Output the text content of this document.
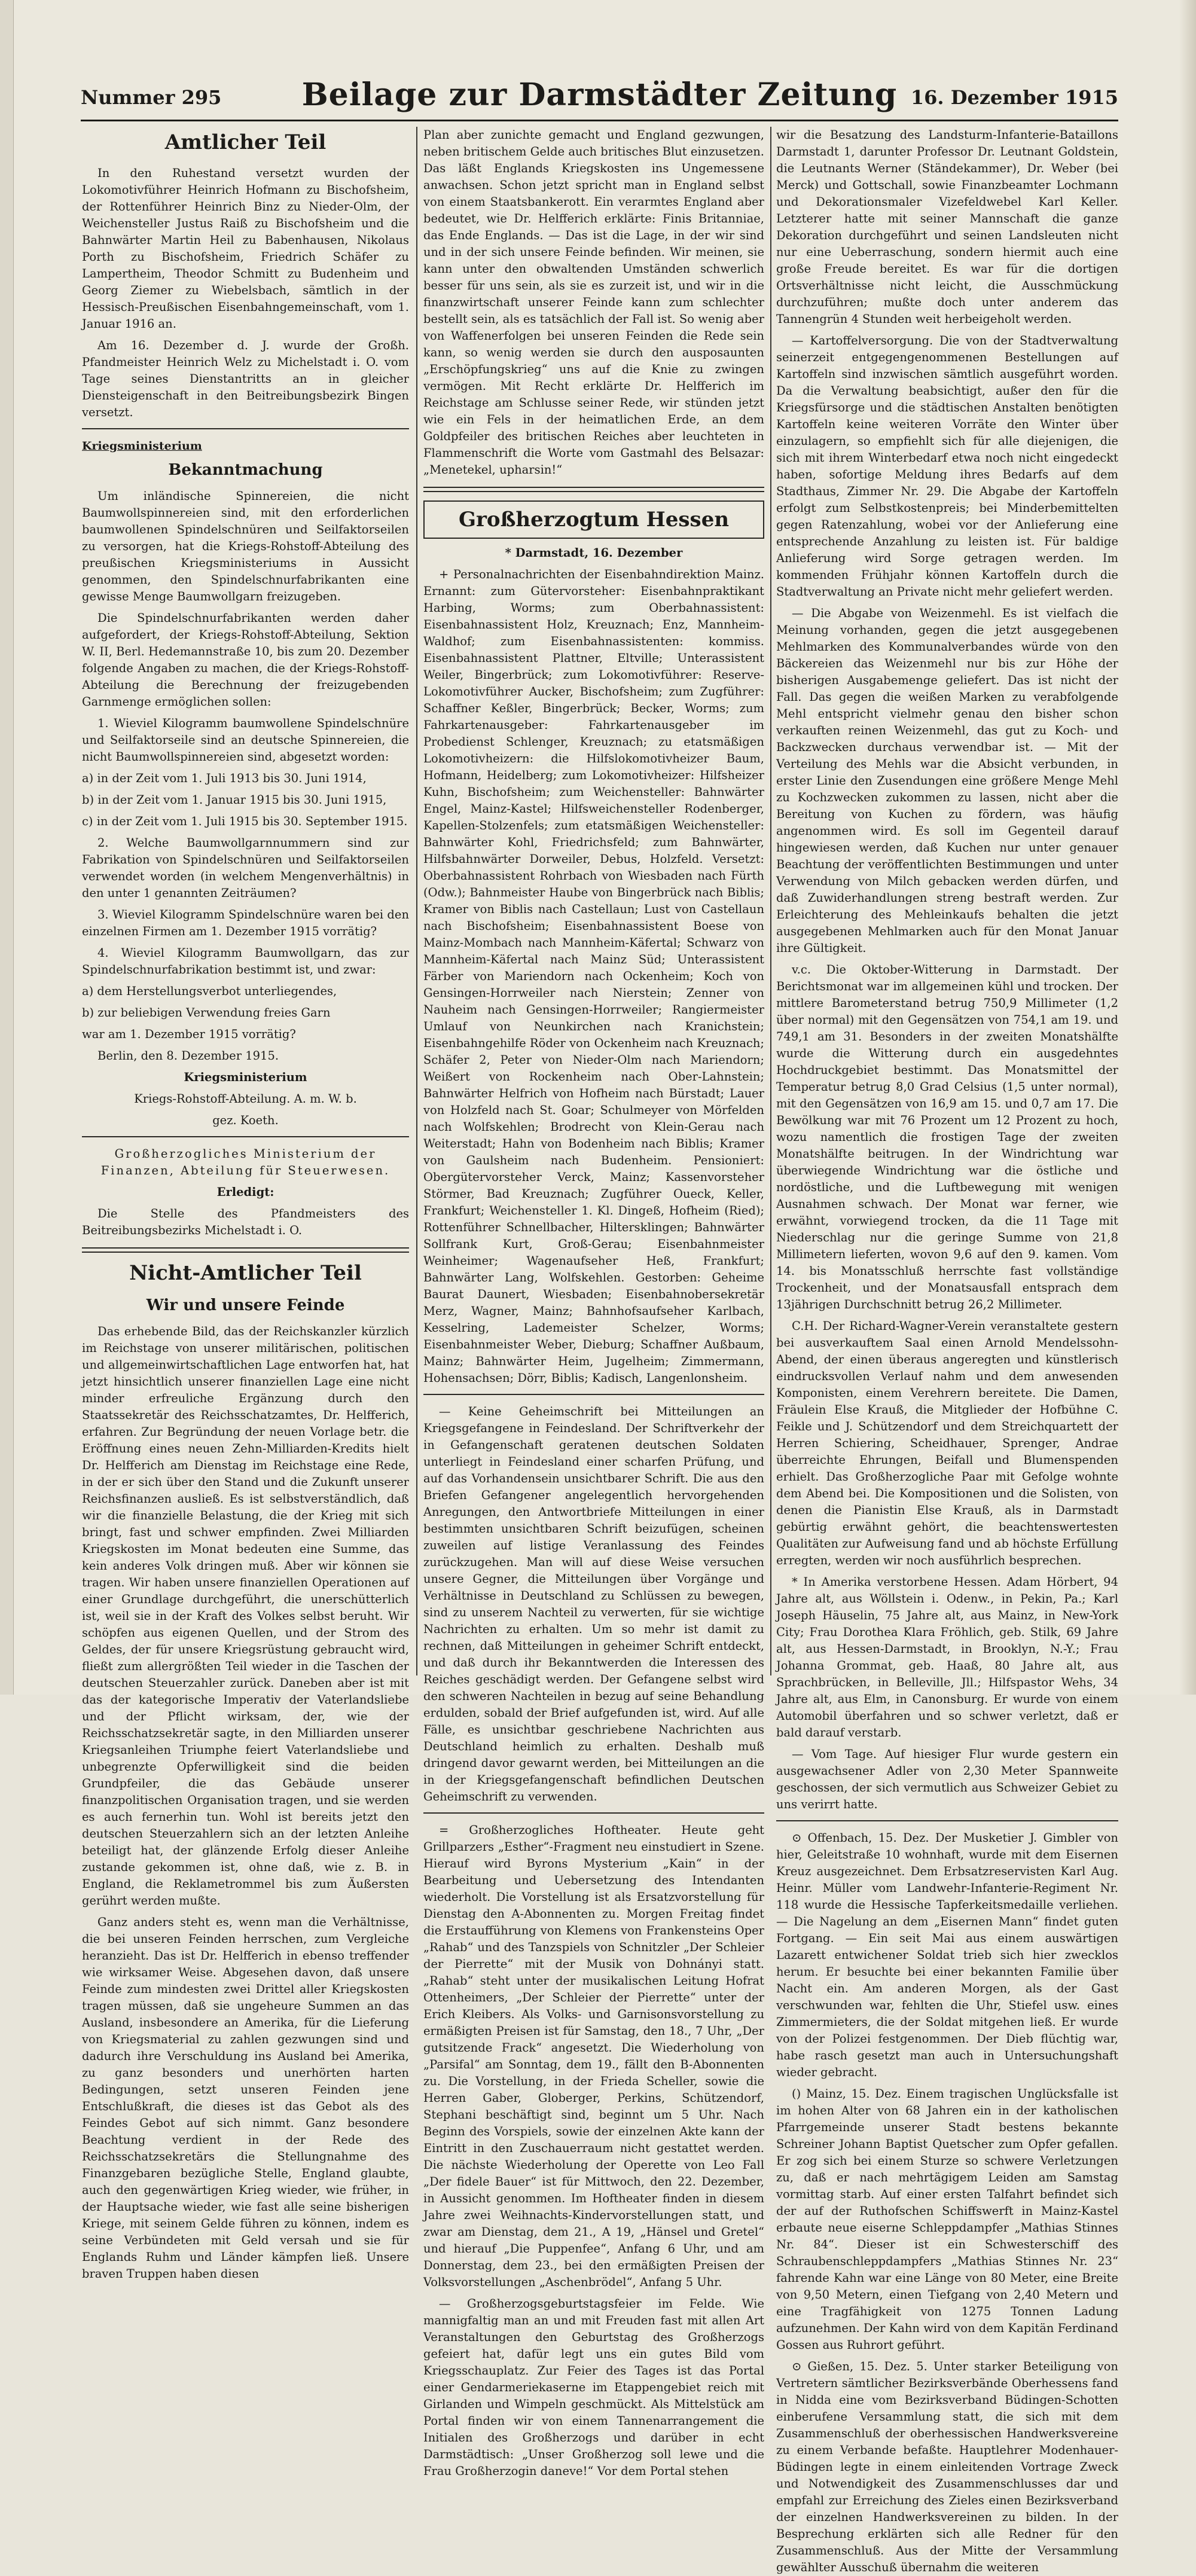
Nummer 295	Beilage zur Darmstädter Zeitung 16. Dezember 1915
Amtlicher Teil

In den Ruhestand versetzt wurden der Lokomotivführer Heinrich Hofmann zu Bischofsheim, der Rottenführer Heinrich Binz zu Nieder-Olm, der Weichensteller Justus Raiß zu Bischofsheim und die Bahnwärter Martin Heil zu Babenhausen, Nikolaus Porth zu Bischofsheim, Friedrich Schäfer zu Lampertheim, Theodor Schmitt zu Budenheim und Georg Ziemer zu Wiebelsbach, sämtlich in der Hessisch-Preußischen Eisenbahngemeinschaft, vom 1. Januar 1916 an.

Am 16. Dezember d. J. wurde der Großh. Pfandmeister Heinrich Welz zu Michelstadt i. O. vom Tage seines Dienstantritts an in gleicher Diensteigenschaft in den Beitreibungsbezirk Bingen versetzt.

Kriegsministerium
Bekanntmachung

Um inländische Spinnereien, die nicht Baumwollspinnereien sind, mit den erforderlichen baumwollenen Spindelschnüren und Seilfaktorseilen zu versorgen, hat die Kriegs-Rohstoff-Abteilung des preußischen Kriegsministeriums in Aussicht genommen, den Spindelschnurfabrikanten eine gewisse Menge Baumwollgarn freizugeben.

Die Spindelschnurfabrikanten werden daher aufgefordert, der Kriegs-Rohstoff-Abteilung, Sektion W. II, Berl. Hedemannstraße 10, bis zum 20. Dezember folgende Angaben zu machen, die der Kriegs-Rohstoff-Abteilung die Berechnung der freizugebenden Garnmenge ermöglichen sollen:

1. Wieviel Kilogramm baumwollene Spindelschnüre und Seilfaktorseile sind an deutsche Spinnereien, die nicht Baumwollspinnereien sind, abgesetzt worden:

a) in der Zeit vom 1. Juli 1913 bis 30. Juni 1914,

b) in der Zeit vom 1. Januar 1915 bis 30. Juni 1915,

c) in der Zeit vom 1. Juli 1915 bis 30. September 1915.

2. Welche Baumwollgarnnummern sind zur Fabrikation von Spindelschnüren und Seilfaktorseilen verwendet worden (in welchem Mengenverhältnis) in den unter 1 genannten Zeiträumen?

3. Wieviel Kilogramm Spindelschnüre waren bei den einzelnen Firmen am 1. Dezember 1915 vorrätig?

4. Wieviel Kilogramm Baumwollgarn, das zur Spindelschnurfabrikation bestimmt ist, und zwar:

a) dem Herstellungsverbot unterliegendes,

b) zur beliebigen Verwendung freies Garn

war am 1. Dezember 1915 vorrätig?

Berlin, den 8. Dezember 1915.

Kriegsministerium

Kriegs-Rohstoff-Abteilung. A. m. W. b.

gez. Koeth.

Großherzogliches Ministerium der Finanzen, Abteilung für Steuerwesen.

Erledigt:

Die Stelle des Pfandmeisters des Beitreibungsbezirks Michelstadt i. O.

Nicht-Amtlicher Teil
Wir und unsere Feinde

Das erhebende Bild, das der Reichskanzler kürzlich im Reichstage von unserer militärischen, politischen und allgemeinwirtschaftlichen Lage entworfen hat, hat jetzt hinsichtlich unserer finanziellen Lage eine nicht minder erfreuliche Ergänzung durch den Staatssekretär des Reichsschatzamtes, Dr. Helfferich, erfahren. Zur Begründung der neuen Vorlage betr. die Eröffnung eines neuen Zehn-Milliarden-Kredits hielt Dr. Helfferich am Dienstag im Reichstage eine Rede, in der er sich über den Stand und die Zukunft unserer Reichsfinanzen ausließ. Es ist selbstverständlich, daß wir die finanzielle Belastung, die der Krieg mit sich bringt, fast und schwer empfinden. Zwei Milliarden Kriegskosten im Monat bedeuten eine Summe, das kein anderes Volk dringen muß. Aber wir können sie tragen. Wir haben unsere finanziellen Operationen auf einer Grundlage durchgeführt, die unerschütterlich ist, weil sie in der Kraft des Volkes selbst beruht. Wir schöpfen aus eigenen Quellen, und der Strom des Geldes, der für unsere Kriegsrüstung gebraucht wird, fließt zum allergrößten Teil wieder in die Taschen der deutschen Steuerzahler zurück. Daneben aber ist mit das der kategorische Imperativ der Vaterlandsliebe und der Pflicht wirksam, der, wie der Reichsschatzsekretär sagte, in den Milliarden unserer Kriegsanleihen Triumphe feiert Vaterlandsliebe und unbegrenzte Opferwilligkeit sind die beiden Grundpfeiler, die das Gebäude unserer finanzpolitischen Organisation tragen, und sie werden es auch fernerhin tun. Wohl ist bereits jetzt den deutschen Steuerzahlern sich an der letzten Anleihe beteiligt hat, der glänzende Erfolg dieser Anleihe zustande gekommen ist, ohne daß, wie z. B. in England, die Reklametrommel bis zum Äußersten gerührt werden mußte.

Ganz anders steht es, wenn man die Verhältnisse, die bei unseren Feinden herrschen, zum Vergleiche heranzieht. Das ist Dr. Helfferich in ebenso treffender wie wirksamer Weise. Abgesehen davon, daß unsere Feinde zum mindesten zwei Drittel aller Kriegskosten tragen müssen, daß sie ungeheure Summen an das Ausland, insbesondere an Amerika, für die Lieferung von Kriegsmaterial zu zahlen gezwungen sind und dadurch ihre Verschuldung ins Ausland bei Amerika, zu ganz besonders und unerhörten harten Bedingungen, setzt unseren Feinden jene Entschlußkraft, die dieses ist das Gebot als des Feindes Gebot auf sich nimmt. Ganz besondere Beachtung verdient in der Rede des Reichsschatzsekretärs die Stellungnahme des Finanzgebaren bezügliche Stelle, England glaubte, auch den gegenwärtigen Krieg wieder, wie früher, in der Hauptsache wieder, wie fast alle seine bisherigen Kriege, mit seinem Gelde führen zu können, indem es seine Verbündeten mit Geld versah und sie für Englands Ruhm und Länder kämpfen ließ. Unsere braven Truppen haben diesen

Plan aber zunichte gemacht und England gezwungen, neben britischem Gelde auch britisches Blut einzusetzen. Das läßt Englands Kriegskosten ins Ungemessene anwachsen. Schon jetzt spricht man in England selbst von einem Staatsbankerott. Ein verarmtes England aber bedeutet, wie Dr. Helfferich erklärte: Finis Britanniae, das Ende Englands. — Das ist die Lage, in der wir sind und in der sich unsere Feinde befinden. Wir meinen, sie kann unter den obwaltenden Umständen schwerlich besser für uns sein, als sie es zurzeit ist, und wir in die finanzwirtschaft unserer Feinde kann zum schlechter bestellt sein, als es tatsächlich der Fall ist. So wenig aber von Waffenerfolgen bei unseren Feinden die Rede sein kann, so wenig werden sie durch den ausposaunten „Erschöpfungskrieg“ uns auf die Knie zu zwingen vermögen. Mit Recht erklärte Dr. Helfferich im Reichstage am Schlusse seiner Rede, wir stünden jetzt wie ein Fels in der heimatlichen Erde, an dem Goldpfeiler des britischen Reiches aber leuchteten in Flammenschrift die Worte vom Gastmahl des Belsazar: „Menetekel, upharsin!“

Großherzogtum Hessen

* Darmstadt, 16. Dezember

+ Personalnachrichten der Eisenbahndirektion Mainz. Ernannt: zum Gütervorsteher: Eisenbahnpraktikant Harbing, Worms; zum Oberbahnassistent: Eisenbahnassistent Holz, Kreuznach; Enz, Mannheim-Waldhof; zum Eisenbahnassistenten: kommiss. Eisenbahnassistent Plattner, Eltville; Unterassistent Weiler, Bingerbrück; zum Lokomotivführer: Reserve-Lokomotivführer Aucker, Bischofsheim; zum Zugführer: Schaffner Keßler, Bingerbrück; Becker, Worms; zum Fahrkartenausgeber: Fahrkartenausgeber im Probedienst Schlenger, Kreuznach; zu etatsmäßigen Lokomotivheizern: die Hilfslokomotivheizer Baum, Hofmann, Heidelberg; zum Lokomotivheizer: Hilfsheizer Kuhn, Bischofsheim; zum Weichensteller: Bahnwärter Engel, Mainz-Kastel; Hilfsweichensteller Rodenberger, Kapellen-Stolzenfels; zum etatsmäßigen Weichensteller: Bahnwärter Kohl, Friedrichsfeld; zum Bahnwärter, Hilfsbahnwärter Dorweiler, Debus, Holzfeld. Versetzt: Oberbahnassistent Rohrbach von Wiesbaden nach Fürth (Odw.); Bahnmeister Haube von Bingerbrück nach Biblis; Kramer von Biblis nach Castellaun; Lust von Castellaun nach Bischofsheim; Eisenbahnassistent Boese von Mainz-Mombach nach Mannheim-Käfertal; Schwarz von Mannheim-Käfertal nach Mainz Süd; Unterassistent Färber von Mariendorn nach Ockenheim; Koch von Gensingen-Horrweiler nach Nierstein; Zenner von Nauheim nach Gensingen-Horrweiler; Rangiermeister Umlauf von Neunkirchen nach Kranichstein; Eisenbahngehilfe Röder von Ockenheim nach Kreuznach; Schäfer 2, Peter von Nieder-Olm nach Mariendorn; Weißert von Rockenheim nach Ober-Lahnstein; Bahnwärter Helfrich von Hofheim nach Bürstadt; Lauer von Holzfeld nach St. Goar; Schulmeyer von Mörfelden nach Wolfskehlen; Brodrecht von Klein-Gerau nach Weiterstadt; Hahn von Bodenheim nach Biblis; Kramer von Gaulsheim nach Budenheim. Pensioniert: Obergütervorsteher Verck, Mainz; Kassenvorsteher Störmer, Bad Kreuznach; Zugführer Oueck, Keller, Frankfurt; Weichensteller 1. Kl. Dingeß, Hofheim (Ried); Rottenführer Schnellbacher, Hiltersklingen; Bahnwärter Sollfrank Kurt, Groß-Gerau; Eisenbahnmeister Weinheimer; Wagenaufseher Heß, Frankfurt; Bahnwärter Lang, Wolfskehlen. Gestorben: Geheime Baurat Daunert, Wiesbaden; Eisenbahnobersekretär Merz, Wagner, Mainz; Bahnhofsaufseher Karlbach, Kesselring, Lademeister Schelzer, Worms; Eisenbahnmeister Weber, Dieburg; Schaffner Außbaum, Mainz; Bahnwärter Heim, Jugelheim; Zimmermann, Hohensachsen; Dörr, Biblis; Kadisch, Langenlonsheim.

— Keine Geheimschrift bei Mitteilungen an Kriegsgefangene in Feindesland. Der Schriftverkehr der in Gefangenschaft geratenen deutschen Soldaten unterliegt in Feindesland einer scharfen Prüfung, und auf das Vorhandensein unsichtbarer Schrift. Die aus den Briefen Gefangener angelegentlich hervorgehenden Anregungen, den Antwortbriefe Mitteilungen in einer bestimmten unsichtbaren Schrift beizufügen, scheinen zuweilen auf listige Veranlassung des Feindes zurückzugehen. Man will auf diese Weise versuchen unsere Gegner, die Mitteilungen über Vorgänge und Verhältnisse in Deutschland zu Schlüssen zu bewegen, sind zu unserem Nachteil zu verwerten, für sie wichtige Nachrichten zu erhalten. Um so mehr ist damit zu rechnen, daß Mitteilungen in geheimer Schrift entdeckt, und daß durch ihr Bekanntwerden die Interessen des Reiches geschädigt werden. Der Gefangene selbst wird den schweren Nachteilen in bezug auf seine Behandlung erdulden, sobald der Brief aufgefunden ist, wird. Auf alle Fälle, es unsichtbar geschriebene Nachrichten aus Deutschland heimlich zu erhalten. Deshalb muß dringend davor gewarnt werden, bei Mitteilungen an die in der Kriegsgefangenschaft befindlichen Deutschen Geheimschrift zu verwenden.

= Großherzogliches Hoftheater. Heute geht Grillparzers „Esther“-Fragment neu einstudiert in Szene. Hierauf wird Byrons Mysterium „Kain“ in der Bearbeitung und Uebersetzung des Intendanten wiederholt. Die Vorstellung ist als Ersatzvorstellung für Dienstag den A-Abonnenten zu. Morgen Freitag findet die Erstaufführung von Klemens von Frankensteins Oper „Rahab“ und des Tanzspiels von Schnitzler „Der Schleier der Pierrette“ mit der Musik von Dohnányi statt. „Rahab“ steht unter der musikalischen Leitung Hofrat Ottenheimers, „Der Schleier der Pierrette“ unter der Erich Kleibers. Als Volks- und Garnisonsvorstellung zu ermäßigten Preisen ist für Samstag, den 18., 7 Uhr, „Der gutsitzende Frack“ angesetzt. Die Wiederholung von „Parsifal“ am Sonntag, dem 19., fällt den B-Abonnenten zu. Die Vorstellung, in der Frieda Scheller, sowie die Herren Gaber, Globerger, Perkins, Schützendorf, Stephani beschäftigt sind, beginnt um 5 Uhr. Nach Beginn des Vorspiels, sowie der einzelnen Akte kann der Eintritt in den Zuschauerraum nicht gestattet werden. Die nächste Wiederholung der Operette von Leo Fall „Der fidele Bauer“ ist für Mittwoch, den 22. Dezember, in Aussicht genommen. Im Hoftheater finden in diesem Jahre zwei Weihnachts-Kindervorstellungen statt, und zwar am Dienstag, dem 21., A 19, „Hänsel und Gretel“ und hierauf „Die Puppenfee“, Anfang 6 Uhr, und am Donnerstag, dem 23., bei den ermäßigten Preisen der Volksvorstellungen „Aschenbrödel“, Anfang 5 Uhr.

— Großherzogsgeburtstagsfeier im Felde. Wie mannigfaltig man an und mit Freuden fast mit allen Art Veranstaltungen den Geburtstag des Großherzogs gefeiert hat, dafür legt uns ein gutes Bild vom Kriegsschauplatz. Zur Feier des Tages ist das Portal einer Gendarmeriekaserne im Etappengebiet reich mit Girlanden und Wimpeln geschmückt. Als Mittelstück am Portal finden wir von einem Tannenarrangement die Initialen des Großherzogs und darüber in echt Darmstädtisch: „Unser Großherzog soll lewe und die Frau Großherzogin daneve!“ Vor dem Portal stehen

wir die Besatzung des Landsturm-Infanterie-Bataillons Darmstadt 1, darunter Professor Dr. Leutnant Goldstein, die Leutnants Werner (Ständekammer), Dr. Weber (bei Merck) und Gottschall, sowie Finanzbeamter Lochmann und Dekorationsmaler Vizefeldwebel Karl Keller. Letzterer hatte mit seiner Mannschaft die ganze Dekoration durchgeführt und seinen Landsleuten nicht nur eine Ueberraschung, sondern hiermit auch eine große Freude bereitet. Es war für die dortigen Ortsverhältnisse nicht leicht, die Ausschmückung durchzuführen; mußte doch unter anderem das Tannengrün 4 Stunden weit herbeigeholt werden.

— Kartoffelversorgung. Die von der Stadtverwaltung seinerzeit entgegengenommenen Bestellungen auf Kartoffeln sind inzwischen sämtlich ausgeführt worden. Da die Verwaltung beabsichtigt, außer den für die Kriegsfürsorge und die städtischen Anstalten benötigten Kartoffeln keine weiteren Vorräte den Winter über einzulagern, so empfiehlt sich für alle diejenigen, die sich mit ihrem Winterbedarf etwa noch nicht eingedeckt haben, sofortige Meldung ihres Bedarfs auf dem Stadthaus, Zimmer Nr. 29. Die Abgabe der Kartoffeln erfolgt zum Selbstkostenpreis; bei Minderbemittelten gegen Ratenzahlung, wobei vor der Anlieferung eine entsprechende Anzahlung zu leisten ist. Für baldige Anlieferung wird Sorge getragen werden. Im kommenden Frühjahr können Kartoffeln durch die Stadtverwaltung an Private nicht mehr geliefert werden.

— Die Abgabe von Weizenmehl. Es ist vielfach die Meinung vorhanden, gegen die jetzt ausgegebenen Mehlmarken des Kommunalverbandes würde von den Bäckereien das Weizenmehl nur bis zur Höhe der bisherigen Ausgabemenge geliefert. Das ist nicht der Fall. Das gegen die weißen Marken zu verabfolgende Mehl entspricht vielmehr genau den bisher schon verkauften reinen Weizenmehl, das gut zu Koch- und Backzwecken durchaus verwendbar ist. — Mit der Verteilung des Mehls war die Absicht verbunden, in erster Linie den Zusendungen eine größere Menge Mehl zu Kochzwecken zukommen zu lassen, nicht aber die Bereitung von Kuchen zu fördern, was häufig angenommen wird. Es soll im Gegenteil darauf hingewiesen werden, daß Kuchen nur unter genauer Beachtung der veröffentlichten Bestimmungen und unter Verwendung von Milch gebacken werden dürfen, und daß Zuwiderhandlungen streng bestraft werden. Zur Erleichterung des Mehleinkaufs behalten die jetzt ausgegebenen Mehlmarken auch für den Monat Januar ihre Gültigkeit.

v.c. Die Oktober-Witterung in Darmstadt. Der Berichtsmonat war im allgemeinen kühl und trocken. Der mittlere Barometerstand betrug 750,9 Millimeter (1,2 über normal) mit den Gegensätzen von 754,1 am 19. und 749,1 am 31. Besonders in der zweiten Monatshälfte wurde die Witterung durch ein ausgedehntes Hochdruckgebiet bestimmt. Das Monatsmittel der Temperatur betrug 8,0 Grad Celsius (1,5 unter normal), mit den Gegensätzen von 16,9 am 15. und 0,7 am 17. Die Bewölkung war mit 76 Prozent um 12 Prozent zu hoch, wozu namentlich die frostigen Tage der zweiten Monatshälfte beitrugen. In der Windrichtung war überwiegende Windrichtung war die östliche und nordöstliche, und die Luftbewegung mit wenigen Ausnahmen schwach. Der Monat war ferner, wie erwähnt, vorwiegend trocken, da die 11 Tage mit Niederschlag nur die geringe Summe von 21,8 Millimetern lieferten, wovon 9,6 auf den 9. kamen. Vom 14. bis Monatsschluß herrschte fast vollständige Trockenheit, und der Monatsausfall entsprach dem 13jährigen Durchschnitt betrug 26,2 Millimeter.

C.H. Der Richard-Wagner-Verein veranstaltete gestern bei ausverkauftem Saal einen Arnold Mendelssohn-Abend, der einen überaus angeregten und künstlerisch eindrucksvollen Verlauf nahm und dem anwesenden Komponisten, einem Verehrern bereitete. Die Damen, Fräulein Else Krauß, die Mitglieder der Hofbühne C. Feikle und J. Schützendorf und dem Streichquartett der Herren Schiering, Scheidhauer, Sprenger, Andrae überreichte Ehrungen, Beifall und Blumenspenden erhielt. Das Großherzogliche Paar mit Gefolge wohnte dem Abend bei. Die Kompositionen und die Solisten, von denen die Pianistin Else Krauß, als in Darmstadt gebürtig erwähnt gehört, die beachtenswertesten Qualitäten zur Aufweisung fand und ab höchste Erfüllung erregten, werden wir noch ausführlich besprechen.

* In Amerika verstorbene Hessen. Adam Hörbert, 94 Jahre alt, aus Wöllstein i. Odenw., in Pekin, Pa.; Karl Joseph Häuselin, 75 Jahre alt, aus Mainz, in New-York City; Frau Dorothea Klara Fröhlich, geb. Stilk, 69 Jahre alt, aus Hessen-Darmstadt, in Brooklyn, N.-Y.; Frau Johanna Grommat, geb. Haaß, 80 Jahre alt, aus Sprachbrücken, in Belleville, Jll.; Hilfspastor Wehs, 34 Jahre alt, aus Elm, in Canonsburg. Er wurde von einem Automobil überfahren und so schwer verletzt, daß er bald darauf verstarb.

— Vom Tage. Auf hiesiger Flur wurde gestern ein ausgewachsener Adler von 2,30 Meter Spannweite geschossen, der sich vermutlich aus Schweizer Gebiet zu uns verirrt hatte.

⊙ Offenbach, 15. Dez. Der Musketier J. Gimbler von hier, Geleitstraße 10 wohnhaft, wurde mit dem Eisernen Kreuz ausgezeichnet. Dem Erbsatzreservisten Karl Aug. Heinr. Müller vom Landwehr-Infanterie-Regiment Nr. 118 wurde die Hessische Tapferkeitsmedaille verliehen. — Die Nagelung an dem „Eisernen Mann“ findet guten Fortgang. — Ein seit Mai aus einem auswärtigen Lazarett entwichener Soldat trieb sich hier zwecklos herum. Er besuchte bei einer bekannten Familie über Nacht ein. Am anderen Morgen, als der Gast verschwunden war, fehlten die Uhr, Stiefel usw. eines Zimmermieters, die der Soldat mitgehen ließ. Er wurde von der Polizei festgenommen. Der Dieb flüchtig war, habe rasch gesetzt man auch in Untersuchungshaft wieder gebracht.

() Mainz, 15. Dez. Einem tragischen Unglücksfalle ist im hohen Alter von 68 Jahren ein in der katholischen Pfarrgemeinde unserer Stadt bestens bekannte Schreiner Johann Baptist Quetscher zum Opfer gefallen. Er zog sich bei einem Sturze so schwere Verletzungen zu, daß er nach mehrtägigem Leiden am Samstag vormittag starb. Auf einer ersten Talfahrt befindet sich der auf der Ruthofschen Schiffswerft in Mainz-Kastel erbaute neue eiserne Schleppdampfer „Mathias Stinnes Nr. 84“. Dieser ist ein Schwesterschiff des Schraubenschleppdampfers „Mathias Stinnes Nr. 23“ fahrende Kahn war eine Länge von 80 Meter, eine Breite von 9,50 Metern, einen Tiefgang von 2,40 Metern und eine Tragfähigkeit von 1275 Tonnen Ladung aufzunehmen. Der Kahn wird von dem Kapitän Ferdinand Gossen aus Ruhrort geführt.

⊙ Gießen, 15. Dez. 5. Unter starker Beteiligung von Vertretern sämtlicher Bezirksverbände Oberhessens fand in Nidda eine vom Bezirksverband Büdingen-Schotten einberufene Versammlung statt, die sich mit dem Zusammenschluß der oberhessischen Handwerksvereine zu einem Verbande befaßte. Hauptlehrer Modenhauer-Büdingen legte in einem einleitenden Vortrage Zweck und Notwendigkeit des Zusammenschlusses dar und empfahl zur Erreichung des Zieles einen Bezirksverband der einzelnen Handwerksvereinen zu bilden. In der Besprechung erklärten sich alle Redner für den Zusammenschluß. Aus der Mitte der Versammlung gewählter Ausschuß übernahm die weiteren
